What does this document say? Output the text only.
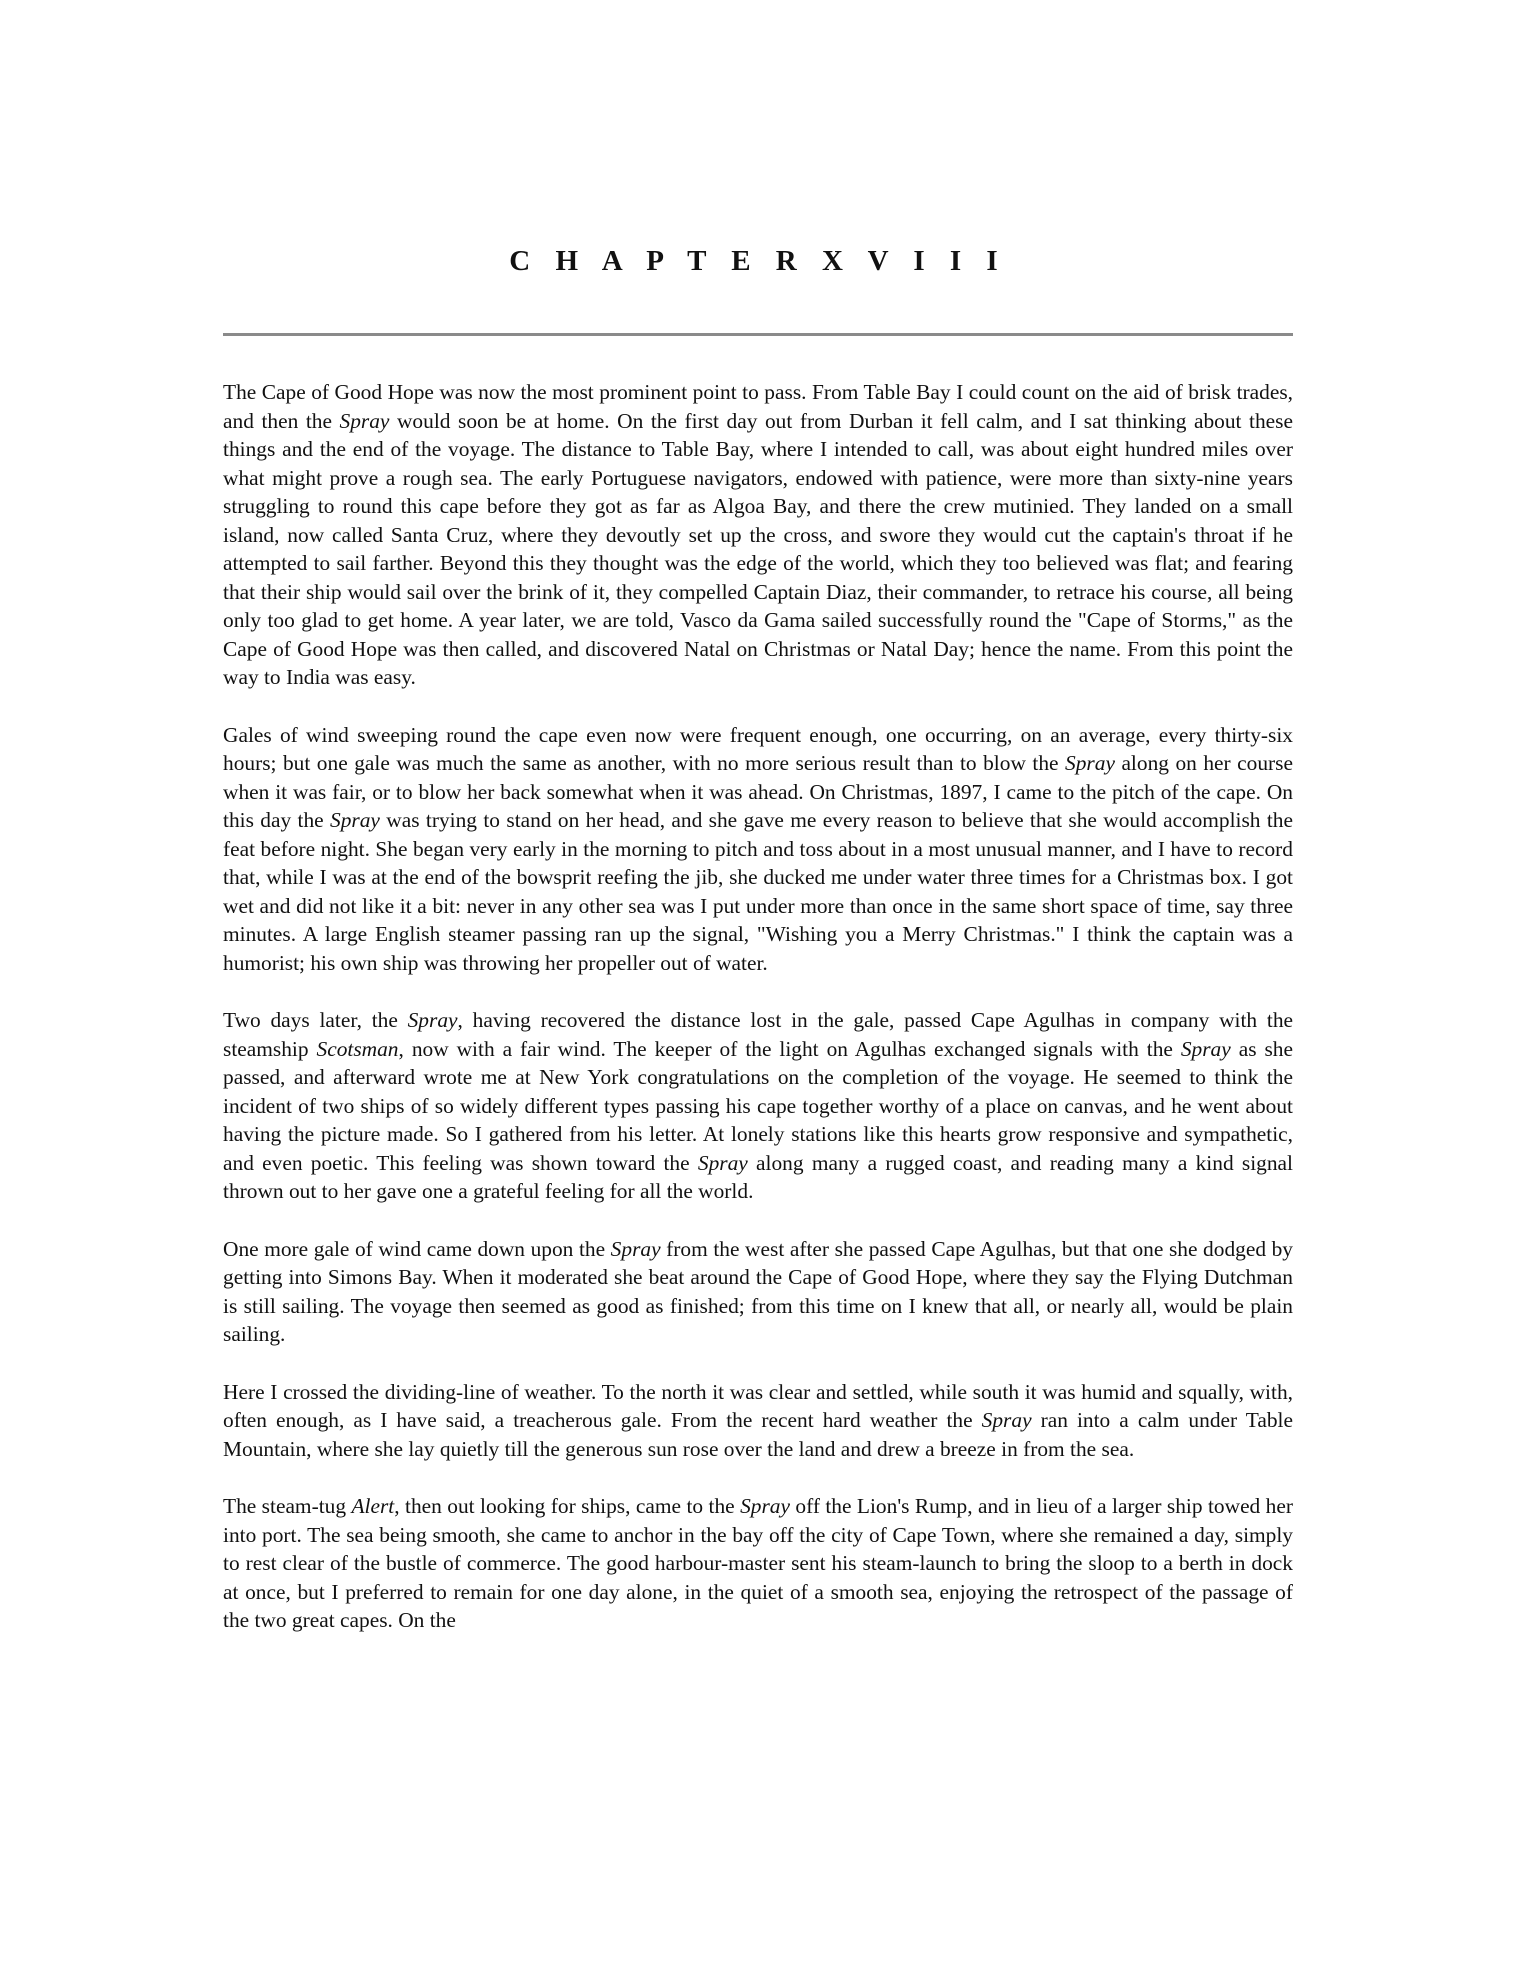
C H A P T E R X V I I I

The Cape of Good Hope was now the most prominent point to pass. From Table Bay I could count on the aid of brisk trades, and then the Spray would soon be at home. On the first day out from Durban it fell calm, and I sat thinking about these things and the end of the voyage. The distance to Table Bay, where I intended to call, was about eight hundred miles over what might prove a rough sea. The early Portuguese navigators, endowed with patience, were more than sixty-nine years struggling to round this cape before they got as far as Algoa Bay, and there the crew mutinied. They landed on a small island, now called Santa Cruz, where they devoutly set up the cross, and swore they would cut the captain's throat if he attempted to sail farther. Beyond this they thought was the edge of the world, which they too believed was flat; and fearing that their ship would sail over the brink of it, they compelled Captain Diaz, their commander, to retrace his course, all being only too glad to get home. A year later, we are told, Vasco da Gama sailed successfully round the "Cape of Storms," as the Cape of Good Hope was then called, and discovered Natal on Christmas or Natal Day; hence the name. From this point the way to India was easy.

Gales of wind sweeping round the cape even now were frequent enough, one occurring, on an average, every thirty-six hours; but one gale was much the same as another, with no more serious result than to blow the Spray along on her course when it was fair, or to blow her back somewhat when it was ahead. On Christmas, 1897, I came to the pitch of the cape. On this day the Spray was trying to stand on her head, and she gave me every reason to believe that she would accomplish the feat before night. She began very early in the morning to pitch and toss about in a most unusual manner, and I have to record that, while I was at the end of the bowsprit reefing the jib, she ducked me under water three times for a Christmas box. I got wet and did not like it a bit: never in any other sea was I put under more than once in the same short space of time, say three minutes. A large English steamer passing ran up the signal, "Wishing you a Merry Christmas." I think the captain was a humorist; his own ship was throwing her propeller out of water.

Two days later, the Spray, having recovered the distance lost in the gale, passed Cape Agulhas in company with the steamship Scotsman, now with a fair wind. The keeper of the light on Agulhas exchanged signals with the Spray as she passed, and afterward wrote me at New York congratulations on the completion of the voyage. He seemed to think the incident of two ships of so widely different types passing his cape together worthy of a place on canvas, and he went about having the picture made. So I gathered from his letter. At lonely stations like this hearts grow responsive and sympathetic, and even poetic. This feeling was shown toward the Spray along many a rugged coast, and reading many a kind signal thrown out to her gave one a grateful feeling for all the world.

One more gale of wind came down upon the Spray from the west after she passed Cape Agulhas, but that one she dodged by getting into Simons Bay. When it moderated she beat around the Cape of Good Hope, where they say the Flying Dutchman is still sailing. The voyage then seemed as good as finished; from this time on I knew that all, or nearly all, would be plain sailing.

Here I crossed the dividing-line of weather. To the north it was clear and settled, while south it was humid and squally, with, often enough, as I have said, a treacherous gale. From the recent hard weather the Spray ran into a calm under Table Mountain, where she lay quietly till the generous sun rose over the land and drew a breeze in from the sea.

The steam-tug Alert, then out looking for ships, came to the Spray off the Lion's Rump, and in lieu of a larger ship towed her into port. The sea being smooth, she came to anchor in the bay off the city of Cape Town, where she remained a day, simply to rest clear of the bustle of commerce. The good harbour-master sent his steam-launch to bring the sloop to a berth in dock at once, but I preferred to remain for one day alone, in the quiet of a smooth sea, enjoying the retrospect of the passage of the two great capes. On the
